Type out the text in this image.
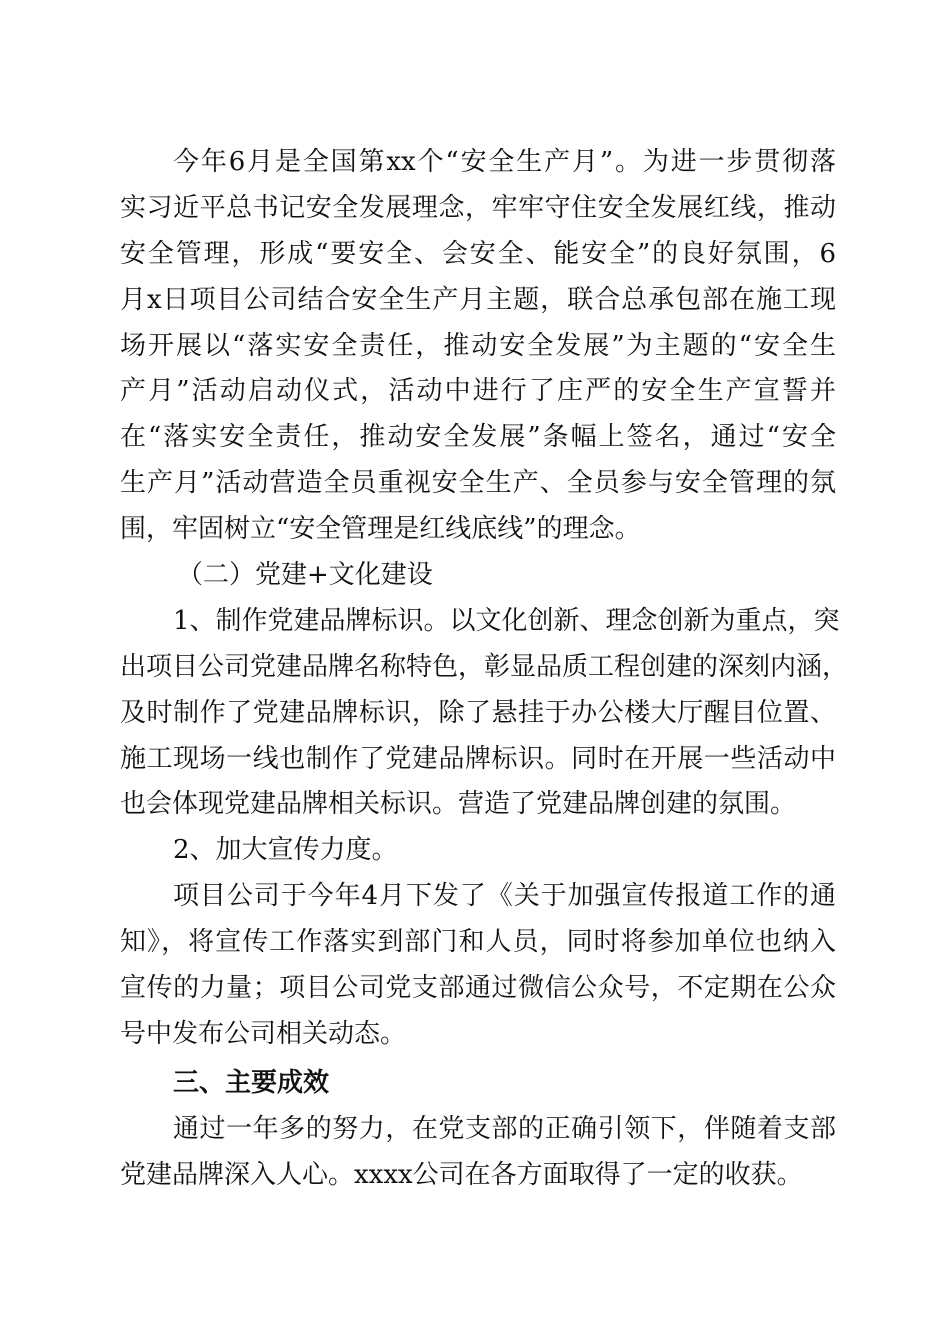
今年6月是全国第xx个“安全生产月”。为进一步贯彻落
实习近平总书记安全发展理念，牢牢守住安全发展红线，推动
安全管理，形成“要安全、会安全、能安全”的良好氛围，6
月x日项目公司结合安全生产月主题，联合总承包部在施工现
场开展以“落实安全责任，推动安全发展”为主题的“安全生
产月”活动启动仪式，活动中进行了庄严的安全生产宣誓并
在“落实安全责任，推动安全发展”条幅上签名，通过“安全
生产月”活动营造全员重视安全生产、全员参与安全管理的氛
围，牢固树立“安全管理是红线底线”的理念。
（二）党建+文化建设
1、制作党建品牌标识。以文化创新、理念创新为重点，突
出项目公司党建品牌名称特色，彰显品质工程创建的深刻内涵，
及时制作了党建品牌标识，除了悬挂于办公楼大厅醒目位置、
施工现场一线也制作了党建品牌标识。同时在开展一些活动中
也会体现党建品牌相关标识。营造了党建品牌创建的氛围。
2、加大宣传力度。
项目公司于今年4月下发了《关于加强宣传报道工作的通
知》，将宣传工作落实到部门和人员，同时将参加单位也纳入
宣传的力量；项目公司党支部通过微信公众号，不定期在公众
号中发布公司相关动态。
三、主要成效
通过一年多的努力，在党支部的正确引领下，伴随着支部
党建品牌深入人心。xxxx公司在各方面取得了一定的收获。
